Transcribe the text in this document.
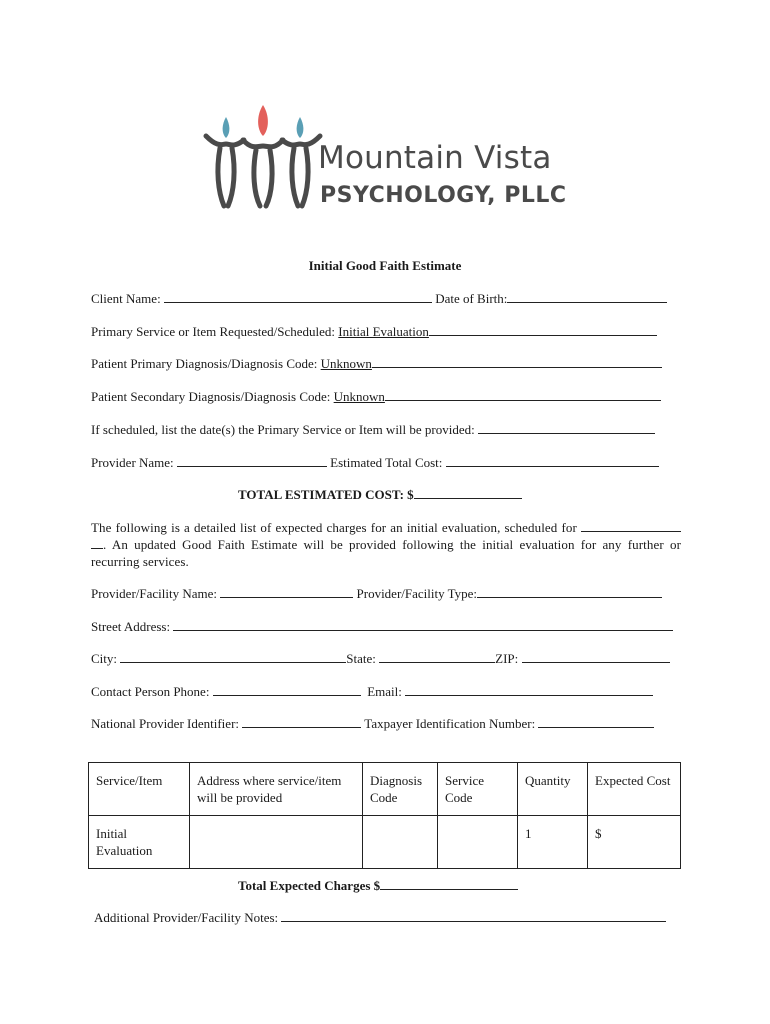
Mountain Vista
PSYCHOLOGY, PLLC
Initial Good Faith Estimate
Client Name:	Date of Birth:
Primary Service or Item Requested/Scheduled: Initial Evaluation
Patient Primary Diagnosis/Diagnosis Code: Unknown
Patient Secondary Diagnosis/Diagnosis Code: Unknown
If scheduled, list the date(s) the Primary Service or Item will be provided:
Provider Name:	Estimated Total Cost:
TOTAL ESTIMATED COST: $
The following is a detailed list of expected charges for an initial evaluation, scheduled for  . An updated Good Faith Estimate will be provided following the initial evaluation for any further or recurring services.
Provider/Facility Name:	Provider/Facility Type:
Street Address:
City:	State:	ZIP:
Contact Person Phone:	Email:
National Provider Identifier:	Taxpayer Identification Number:
Service/Item	Address where service/item will be provided	Diagnosis Code	Service Code	Quantity	Expected Cost
Initial Evaluation				1	$
Total Expected Charges $
Additional Provider/Facility Notes:
